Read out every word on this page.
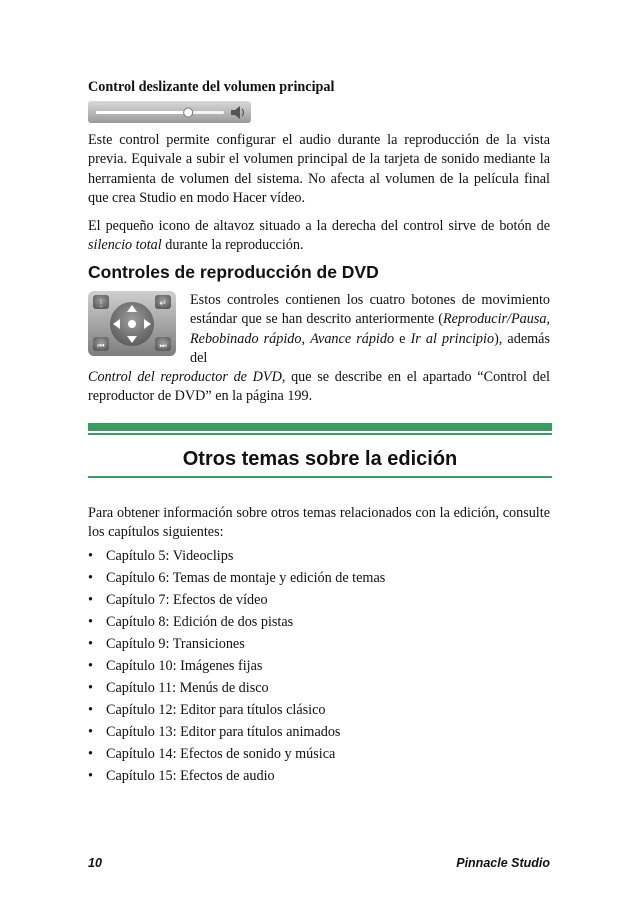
Control deslizante del volumen principal

Este control permite configurar el audio durante la reproducción de la vista previa. Equivale a subir el volumen principal de la tarjeta de sonido mediante la herramienta de volumen del sistema. No afecta al volumen de la película final que crea Studio en modo Hacer vídeo.

El pequeño icono de altavoz situado a la derecha del control sirve de botón de silencio total durante la reproducción.

Controles de reproducción de DVD
⋮	↵
⏮	⏭

Estos controles contienen los cuatro botones de movimiento estándar que se han descrito anteriormente (Reproducir/Pausa, Rebobinado rápido, Avance rápido e Ir al principio), además del

Control del reproductor de DVD, que se describe en el apartado “Control del reproductor de DVD” en la página 199.

Otros temas sobre la edición

Para obtener información sobre otros temas relacionados con la edición, consulte los capítulos siguientes:

• Capítulo 5: Videoclips
• Capítulo 6: Temas de montaje y edición de temas
• Capítulo 7: Efectos de vídeo
• Capítulo 8: Edición de dos pistas
• Capítulo 9: Transiciones
• Capítulo 10: Imágenes fijas
• Capítulo 11: Menús de disco
• Capítulo 12: Editor para títulos clásico
• Capítulo 13: Editor para títulos animados
• Capítulo 14: Efectos de sonido y música
• Capítulo 15: Efectos de audio
10	Pinnacle Studio
